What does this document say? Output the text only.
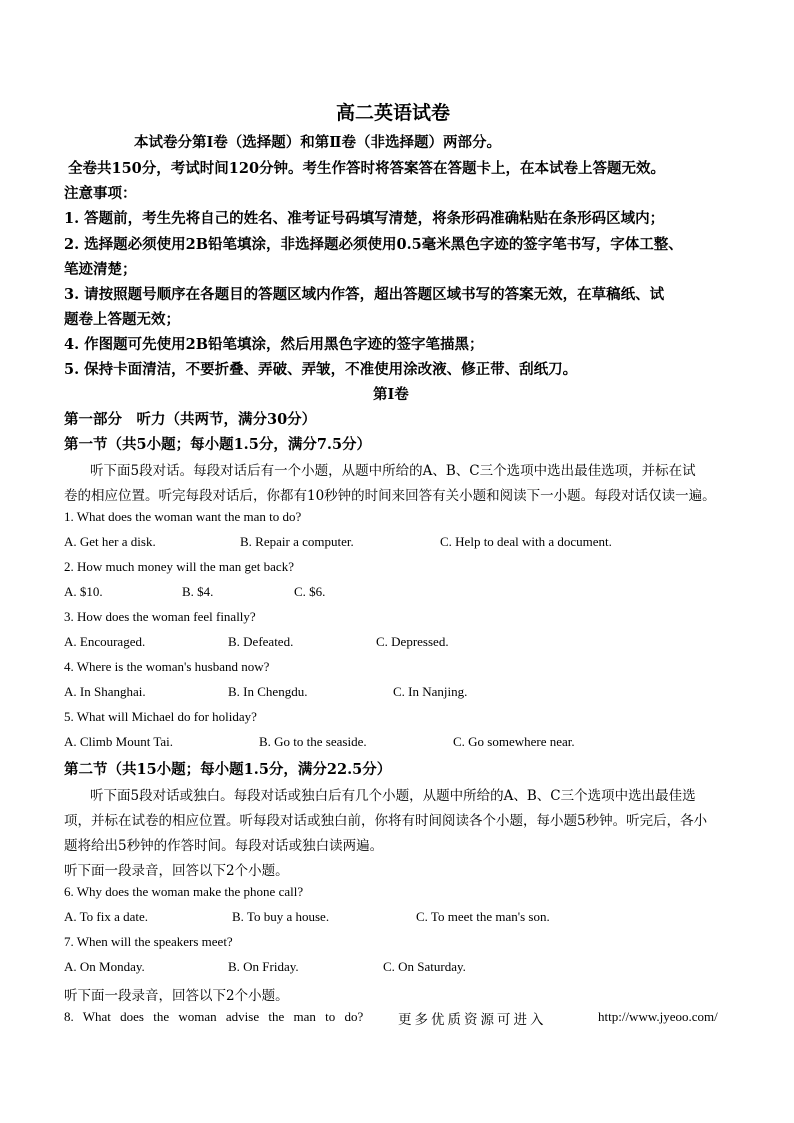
高二英语试卷
本试卷分第Ⅰ卷（选择题）和第Ⅱ卷（非选择题）两部分。
全卷共150分，考试时间120分钟。考生作答时将答案答在答题卡上，在本试卷上答题无效。
注意事项：
1. 答题前，考生先将自己的姓名、准考证号码填写清楚，将条形码准确粘贴在条形码区域内；
2. 选择题必须使用2B铅笔填涂，非选择题必须使用0.5毫米黑色字迹的签字笔书写，字体工整、
笔迹清楚；
3. 请按照题号顺序在各题目的答题区域内作答，超出答题区域书写的答案无效，在草稿纸、试
题卷上答题无效；
4. 作图题可先使用2B铅笔填涂，然后用黑色字迹的签字笔描黑；
5. 保持卡面清洁，不要折叠、弄破、弄皱，不准使用涂改液、修正带、刮纸刀。
第Ⅰ卷
第一部分　听力（共两节，满分30分）
第一节（共5小题；每小题1.5分，满分7.5分）
听下面5段对话。每段对话后有一个小题，从题中所给的A、B、C三个选项中选出最佳选项，并标在试
卷的相应位置。听完每段对话后，你都有10秒钟的时间来回答有关小题和阅读下一小题。每段对话仅读一遍。
1. What does the woman want the man to do?
A. Get her a disk.	B. Repair a computer.	C. Help to deal with a document.
2. How much money will the man get back?
A. $10.	B. $4.	C. $6.
3. How does the woman feel finally?
A. Encouraged.	B. Defeated.	C. Depressed.
4. Where is the woman's husband now?
A. In Shanghai.	B. In Chengdu.	C. In Nanjing.
5. What will Michael do for holiday?
A. Climb Mount Tai.	B. Go to the seaside.	C. Go somewhere near.
第二节（共15小题；每小题1.5分，满分22.5分）
听下面5段对话或独白。每段对话或独白后有几个小题，从题中所给的A、B、C三个选项中选出最佳选
项，并标在试卷的相应位置。听每段对话或独白前，你将有时间阅读各个小题，每小题5秒钟。听完后，各小
题将给出5秒钟的作答时间。每段对话或独白读两遍。
听下面一段录音，回答以下2个小题。
6. Why does the woman make the phone call?
A. To fix a date.	B. To buy a house.	C. To meet the man's son.
7. When will the speakers meet?
A. On Monday.	B. On Friday.	C. On Saturday.
听下面一段录音，回答以下2个小题。
8. What does the woman advise the man to do?	更多优质资源可进入	http://www.jyeoo.com/
